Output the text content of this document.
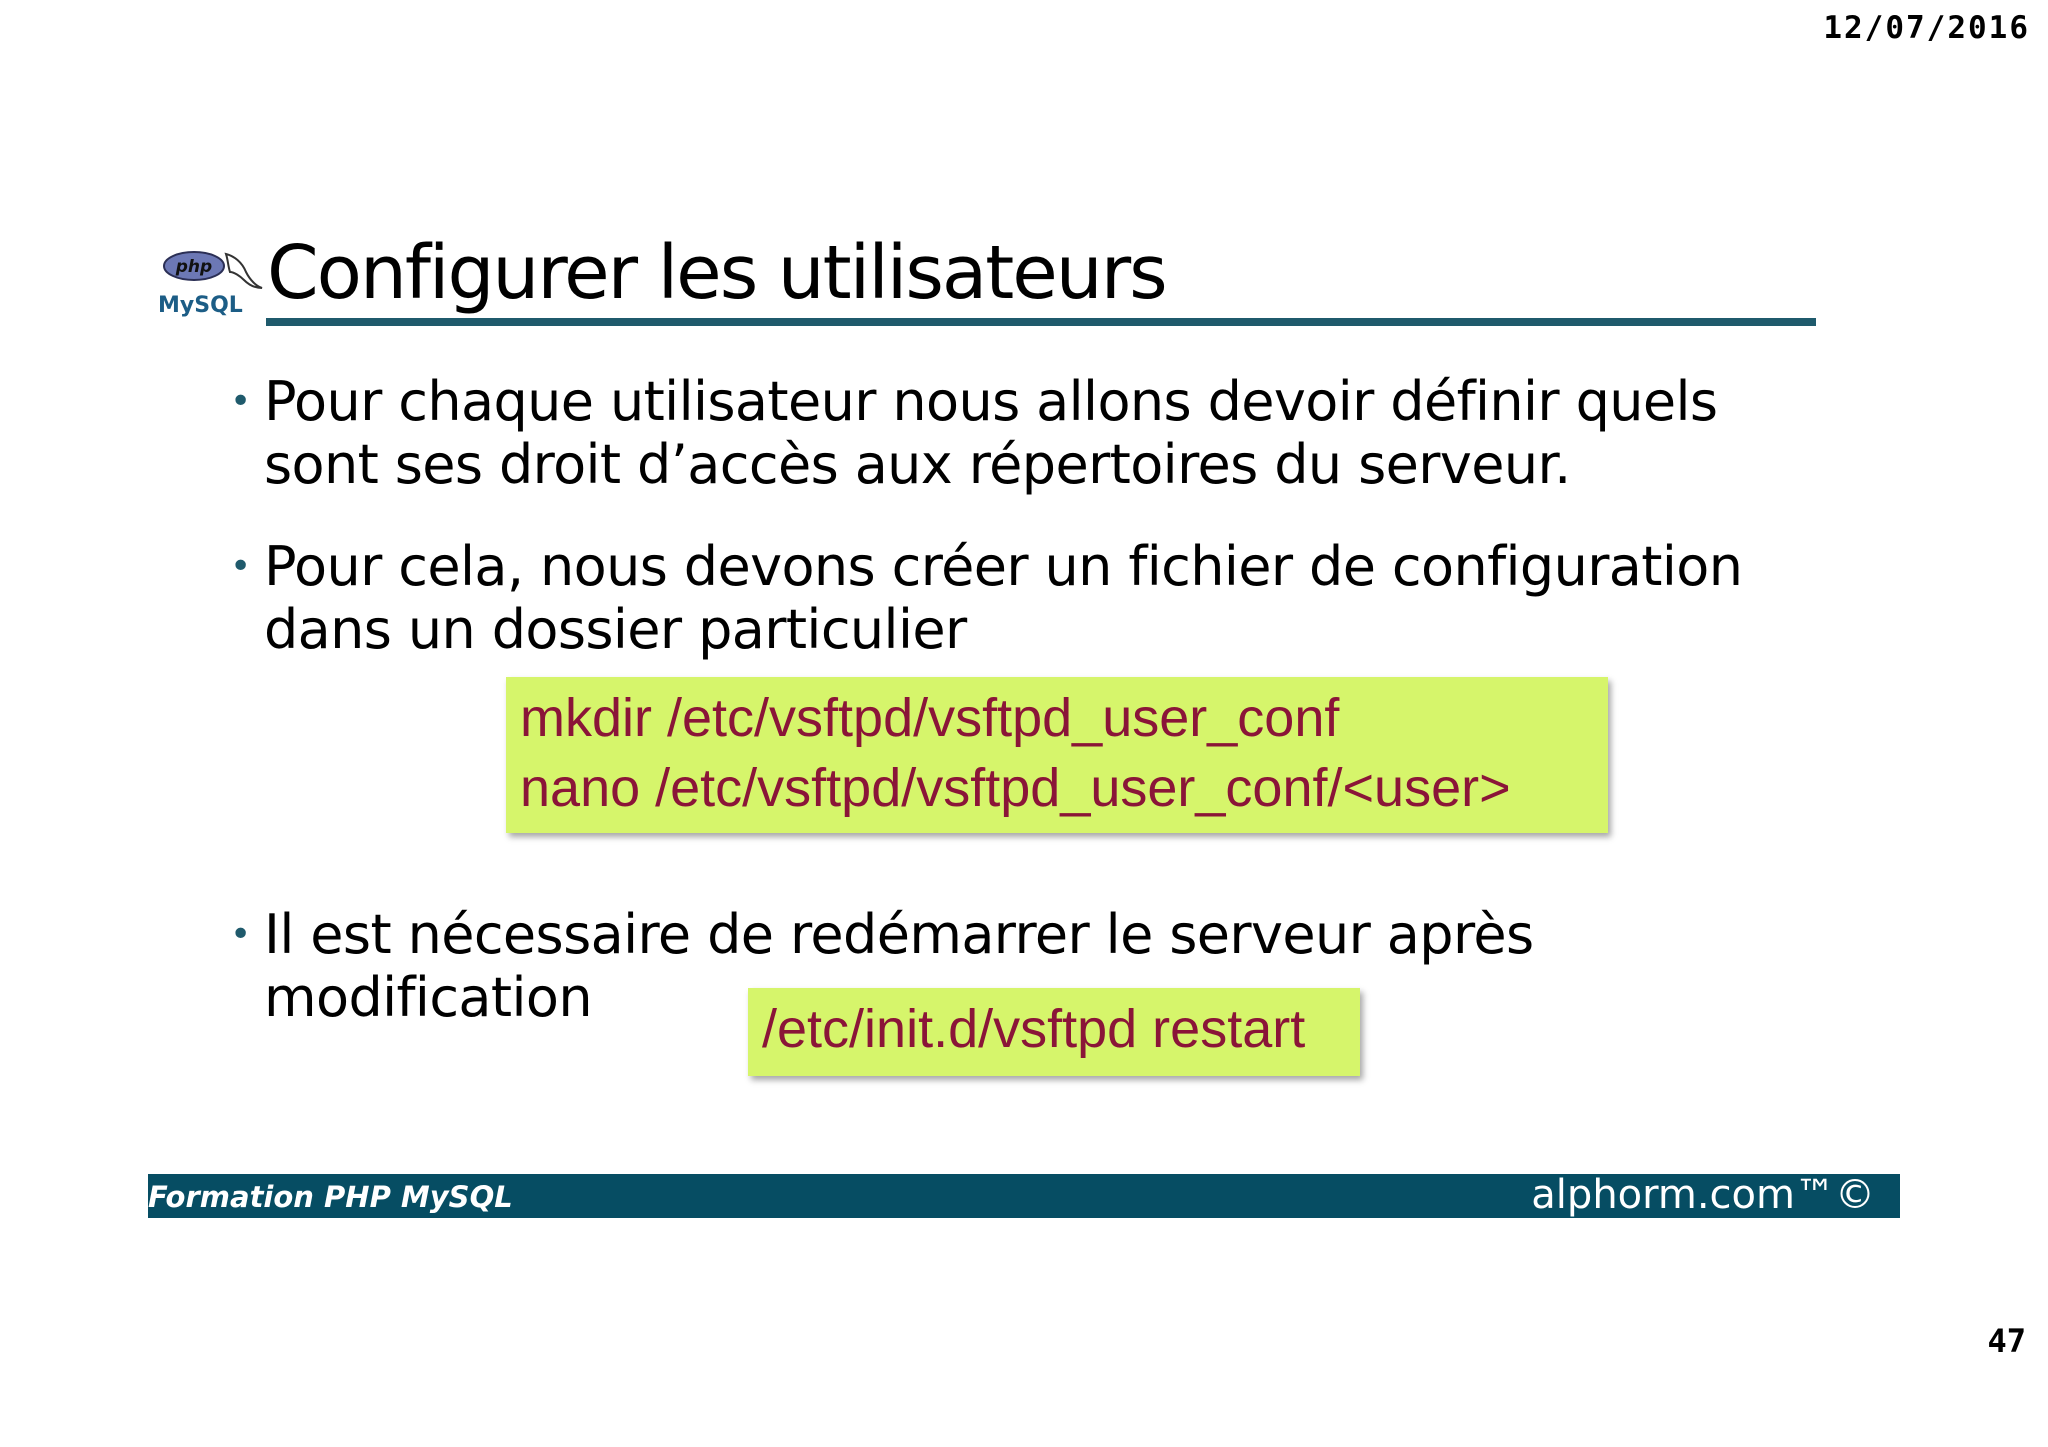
12/07/2016
php
MySQL Configurer les utilisateurs
• Pour chaque utilisateur nous allons devoir définir quels sont ses droit d’accès aux répertoires du serveur.
• Pour cela, nous devons créer un fichier de configuration dans un dossier particulier
mkdir /etc/vsftpd/vsftpd_user_conf
nano /etc/vsftpd/vsftpd_user_conf/<user>
• Il est nécessaire de redémarrer le serveur après modification	/etc/init.d/vsftpd restart
Formation PHP MySQL	alphorm.com™©
47
